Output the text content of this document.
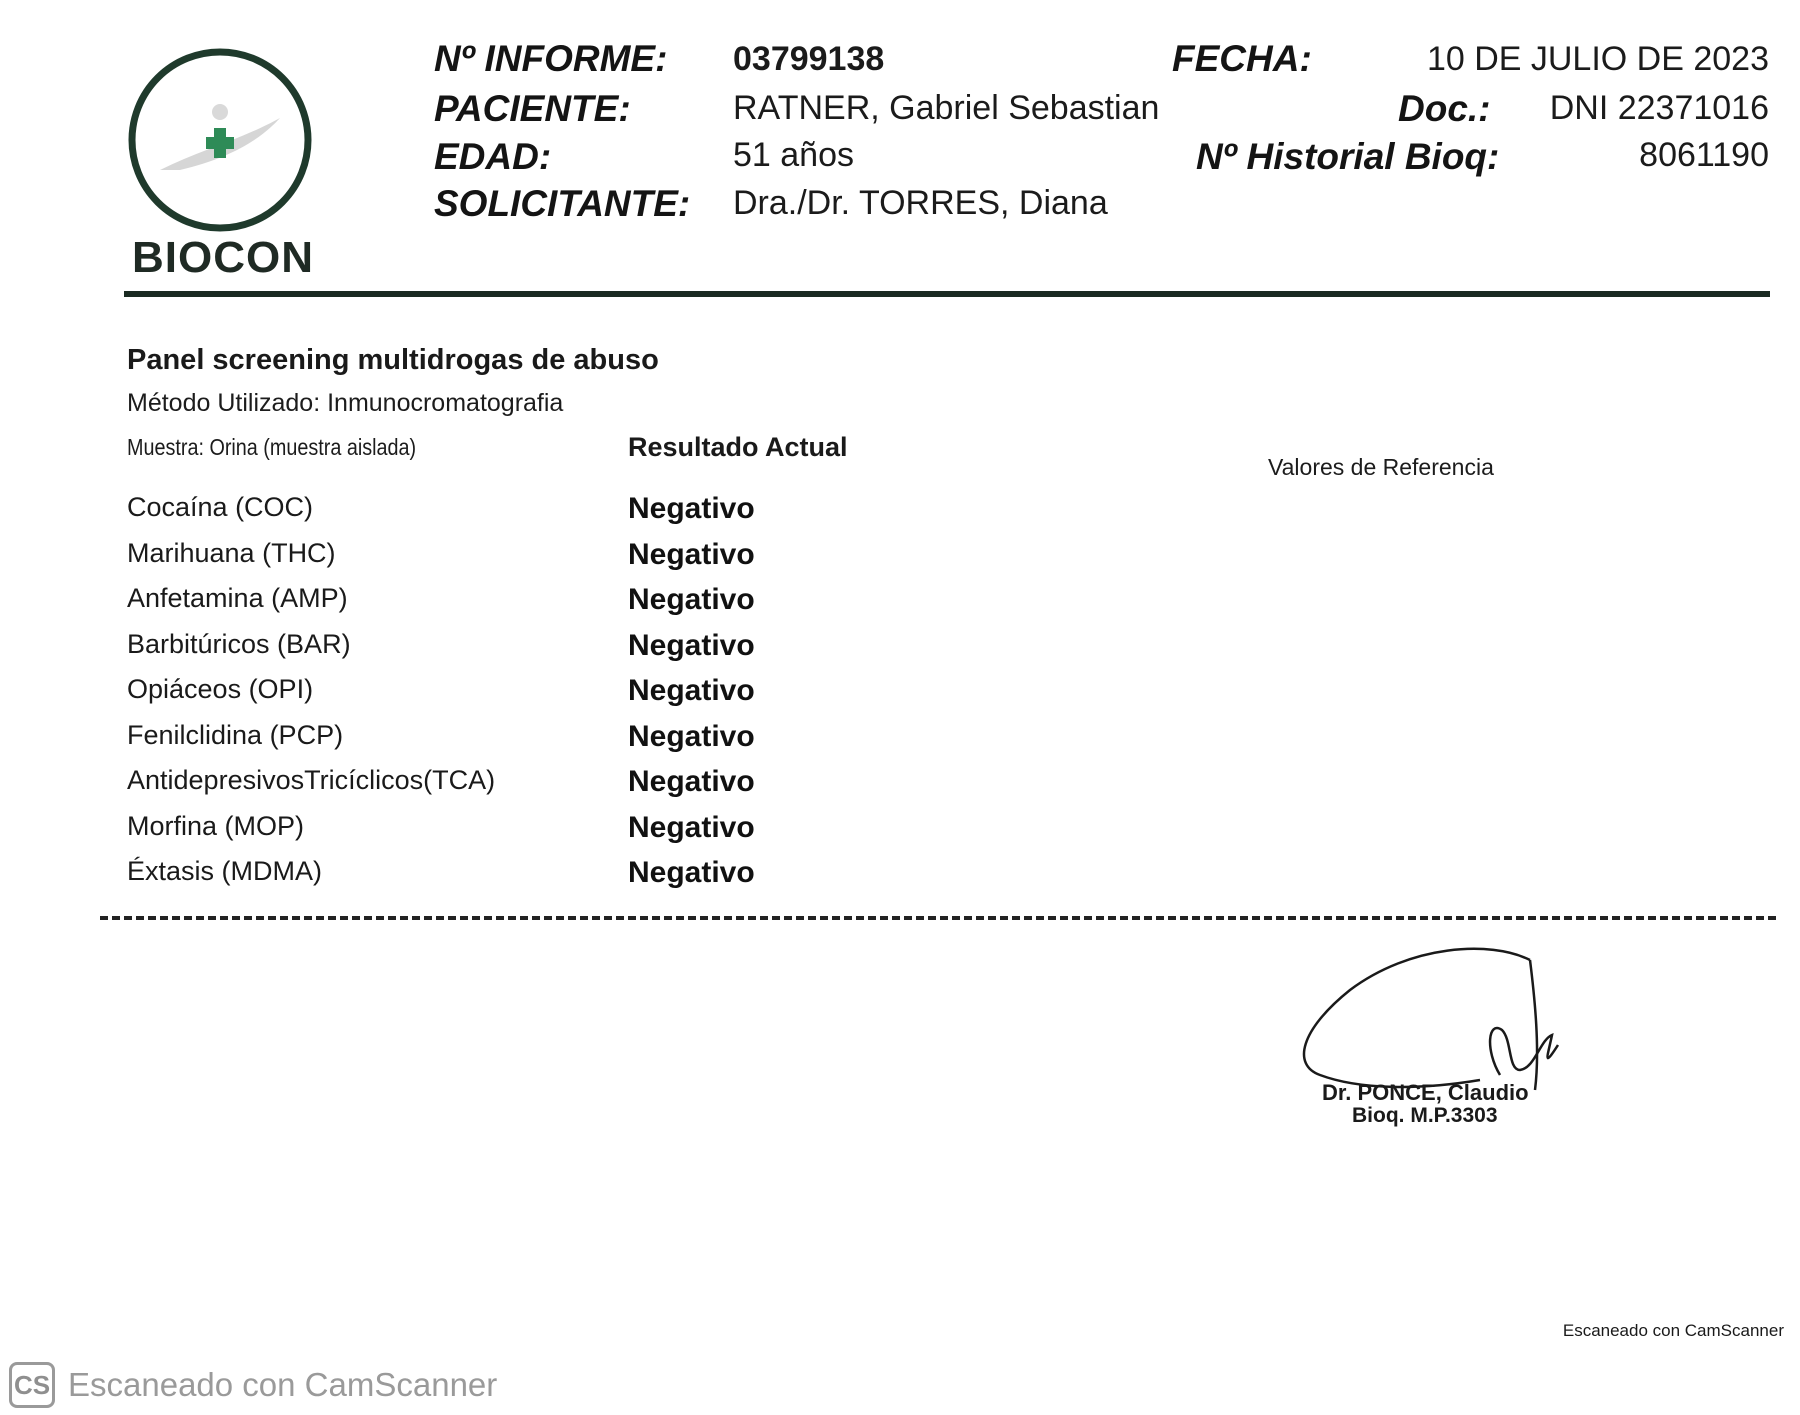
BIOCON
Nº INFORME: 03799138	FECHA:	10 DE JULIO DE 2023
PACIENTE:	RATNER, Gabriel Sebastian	Doc.: DNI 22371016
EDAD:	51 años	Nº Historial Bioq:	8061190
SOLICITANTE: Dra./Dr. TORRES, Diana
Panel screening multidrogas de abuso
Método Utilizado: Inmunocromatografia
Muestra: Orina (muestra aislada)	Resultado Actual
Valores de Referencia
Cocaína (COC)	Negativo
Marihuana (THC)	Negativo
Anfetamina (AMP)	Negativo
Barbitúricos (BAR)	Negativo
Opiáceos (OPI)	Negativo
Fenilclidina (PCP)	Negativo
AntidepresivosTricíclicos(TCA)	Negativo
Morfina (MOP)	Negativo
Éxtasis (MDMA)	Negativo
Dr. PONCE, Claudio
Bioq. M.P.3303
Escaneado con CamScanner
CS Escaneado con CamScanner
